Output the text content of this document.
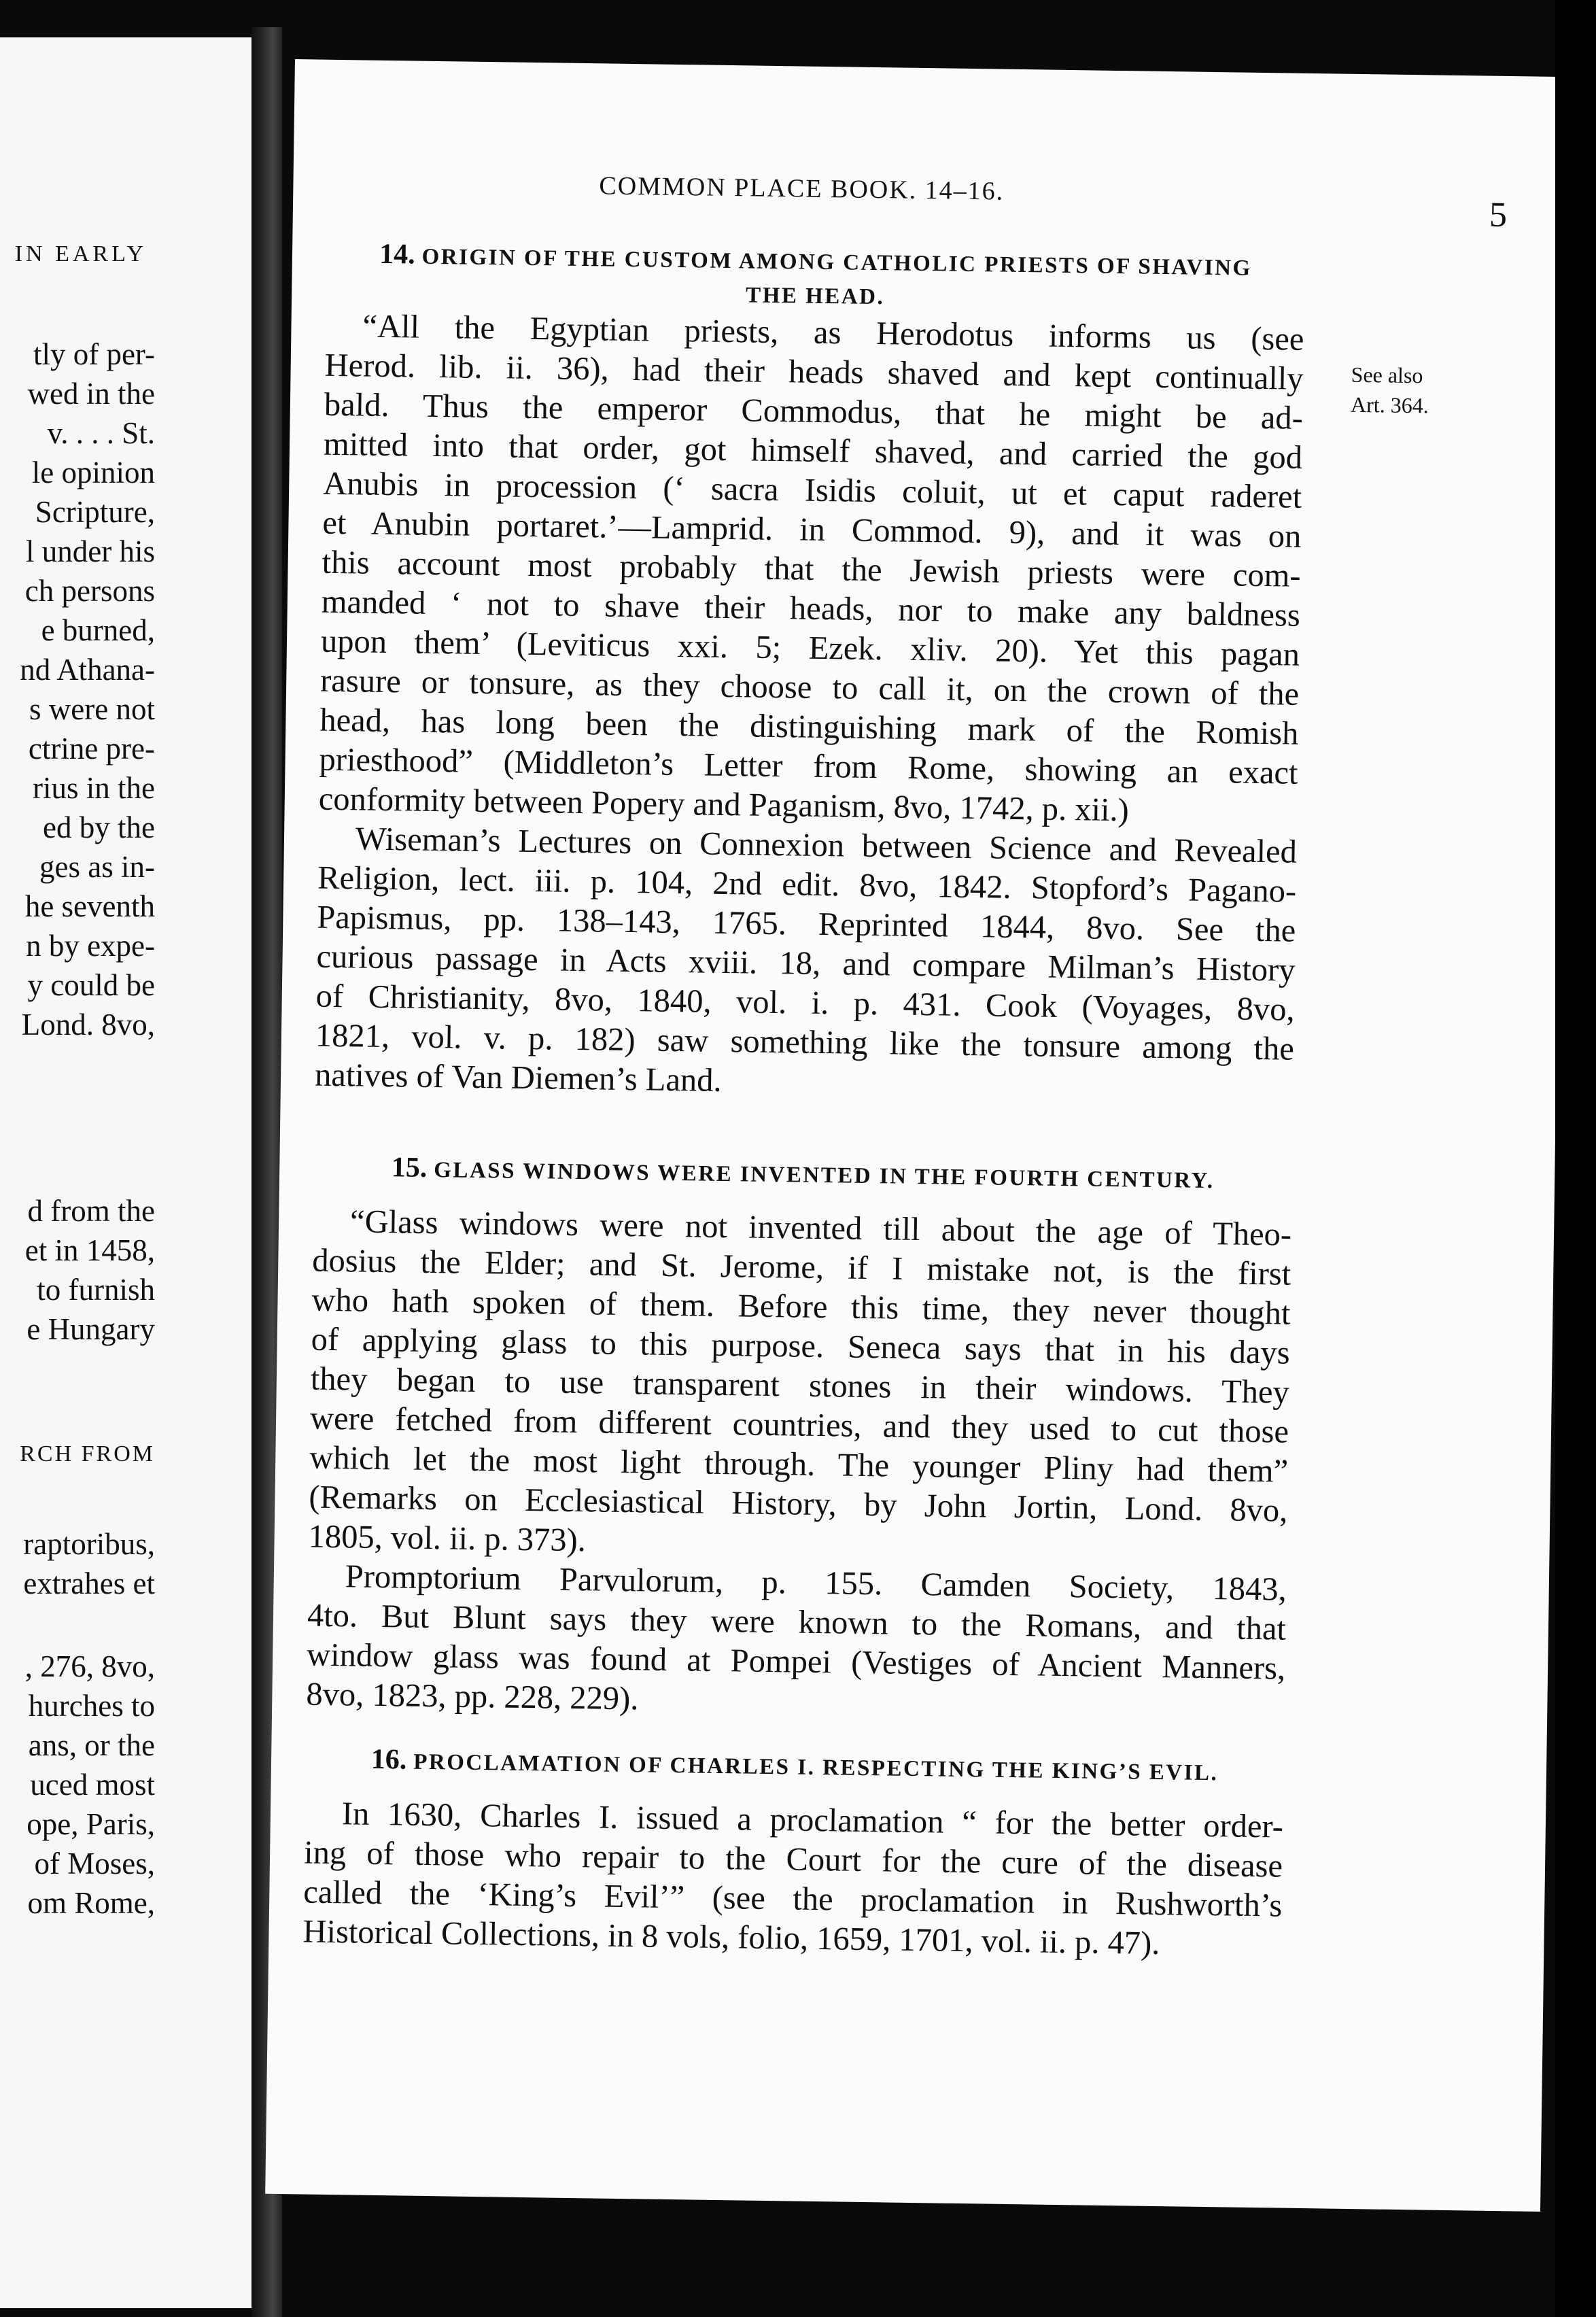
IN EARLY
tly of per-
wed in the
v. . . . St.
le opinion
Scripture,
l under his
ch persons
e burned,
nd Athana-
s were not
ctrine pre-
rius in the
ed by the
ges as in-
he seventh
n by expe-
y could be
Lond. 8vo,
d from the
et in 1458,
to furnish
e Hungary
RCH FROM
raptoribus,
extrahes et
, 276, 8vo,
hurches to
ans, or the
uced most
ope, Paris,
of Moses,
om Rome,
COMMON PLACE BOOK. 14–16.
5
See also
Art. 364.
14. ORIGIN OF THE CUSTOM AMONG CATHOLIC PRIESTS OF SHAVING
THE HEAD.
“All the Egyptian priests, as Herodotus informs us (see
Herod. lib. ii. 36), had their heads shaved and kept continually
bald. Thus the emperor Commodus, that he might be ad-
mitted into that order, got himself shaved, and carried the god
Anubis in procession (‘ sacra Isidis coluit, ut et caput raderet
et Anubin portaret.’—Lamprid. in Commod. 9), and it was on
this account most probably that the Jewish priests were com-
manded ‘ not to shave their heads, nor to make any baldness
upon them’ (Leviticus xxi. 5; Ezek. xliv. 20). Yet this pagan
rasure or tonsure, as they choose to call it, on the crown of the
head, has long been the distinguishing mark of the Romish
priesthood” (Middleton’s Letter from Rome, showing an exact
conformity between Popery and Paganism, 8vo, 1742, p. xii.)
Wiseman’s Lectures on Connexion between Science and Revealed
Religion, lect. iii. p. 104, 2nd edit. 8vo, 1842. Stopford’s Pagano-
Papismus, pp. 138–143, 1765. Reprinted 1844, 8vo. See the
curious passage in Acts xviii. 18, and compare Milman’s History
of Christianity, 8vo, 1840, vol. i. p. 431. Cook (Voyages, 8vo,
1821, vol. v. p. 182) saw something like the tonsure among the
natives of Van Diemen’s Land.
15. GLASS WINDOWS WERE INVENTED IN THE FOURTH CENTURY.
“Glass windows were not invented till about the age of Theo-
dosius the Elder; and St. Jerome, if I mistake not, is the first
who hath spoken of them. Before this time, they never thought
of applying glass to this purpose. Seneca says that in his days
they began to use transparent stones in their windows. They
were fetched from different countries, and they used to cut those
which let the most light through. The younger Pliny had them”
(Remarks on Ecclesiastical History, by John Jortin, Lond. 8vo,
1805, vol. ii. p. 373).
Promptorium Parvulorum, p. 155. Camden Society, 1843,
4to. But Blunt says they were known to the Romans, and that
window glass was found at Pompei (Vestiges of Ancient Manners,
8vo, 1823, pp. 228, 229).
16. PROCLAMATION OF CHARLES I. RESPECTING THE KING’S EVIL.
In 1630, Charles I. issued a proclamation “ for the better order-
ing of those who repair to the Court for the cure of the disease
called the ‘King’s Evil’” (see the proclamation in Rushworth’s
Historical Collections, in 8 vols, folio, 1659, 1701, vol. ii. p. 47).
